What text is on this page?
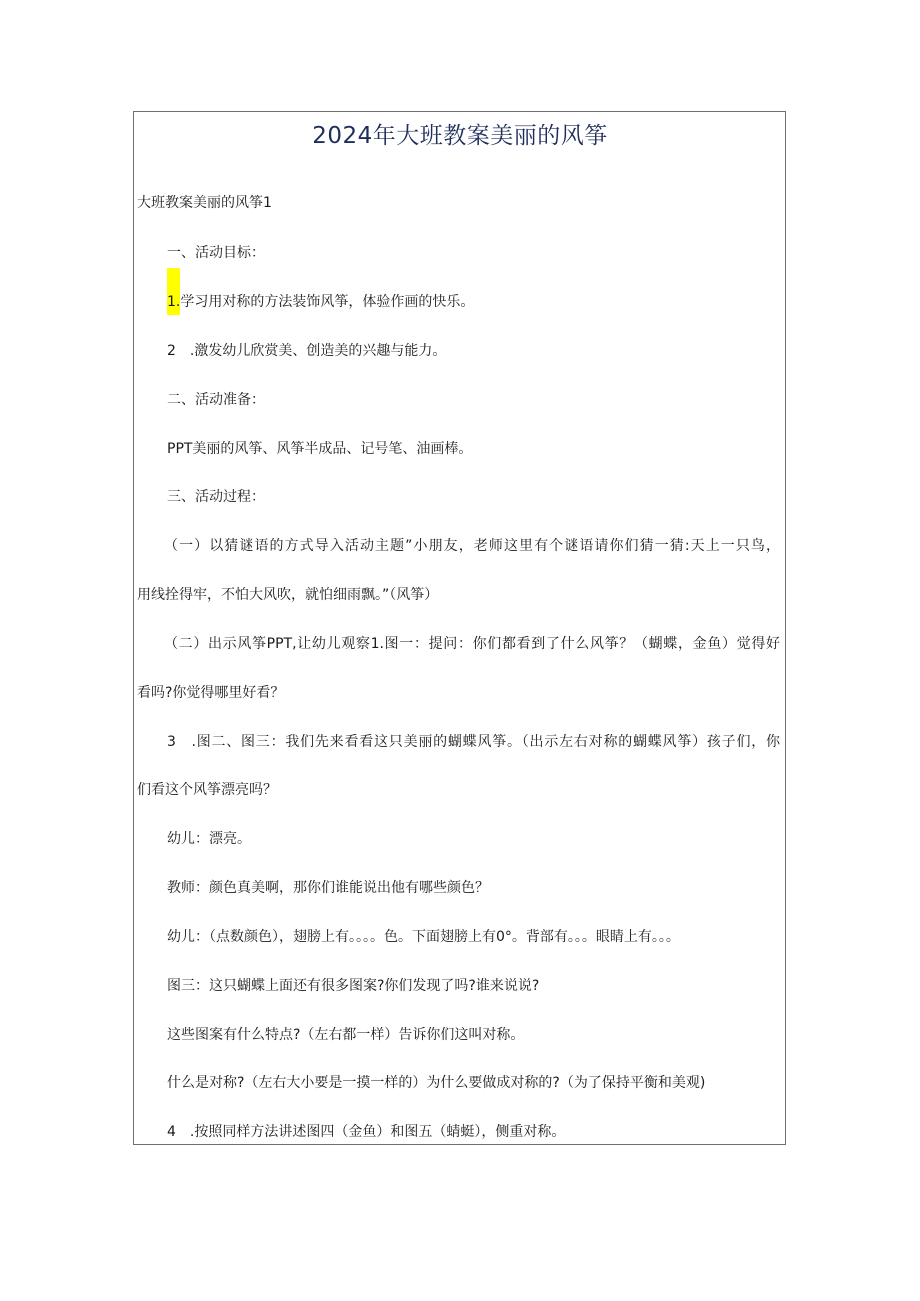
2024年大班教案美丽的风筝
大班教案美丽的风筝1
一、活动目标：
1.学习用对称的方法装饰风筝，体验作画的快乐。
2　.激发幼儿欣赏美、创造美的兴趣与能力。
二、活动准备：
PPT美丽的风筝、风筝半成品、记号笔、油画棒。
三、活动过程：
（一）以猜谜语的方式导入活动主题”小朋友，老师这里有个谜语请你们猜一猜:天上一只鸟，
用线拴得牢，不怕大风吹，就怕细雨飘。”（风筝）
（二）出示风筝PPT,让幼儿观察1.图一：提问：你们都看到了什么风筝？（蝴蝶，金鱼）觉得好
看吗?你觉得哪里好看？
3　.图二、图三：我们先来看看这只美丽的蝴蝶风筝。（出示左右对称的蝴蝶风筝）孩子们，你
们看这个风筝漂亮吗？
幼儿：漂亮。
教师：颜色真美啊，那你们谁能说出他有哪些颜色？
幼儿：（点数颜色），翅膀上有。。。。色。下面翅膀上有0°。背部有。。。眼睛上有。。。
图三：这只蝴蝶上面还有很多图案?你们发现了吗?谁来说说?
这些图案有什么特点?（左右都一样）告诉你们这叫对称。
什么是对称?（左右大小要是一摸一样的）为什么要做成对称的?（为了保持平衡和美观)
4　.按照同样方法讲述图四（金鱼）和图五（蜻蜓），侧重对称。
